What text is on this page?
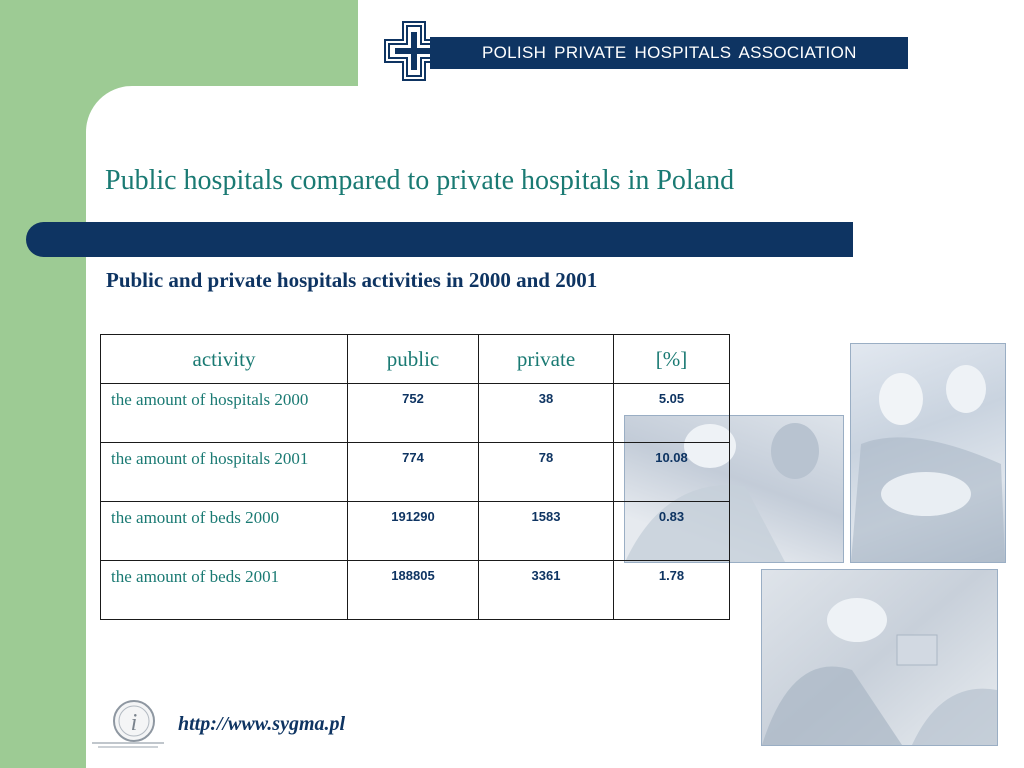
POLISH PRIVATE HOSPITALS ASSOCIATION
Public hospitals compared to private hospitals in Poland
Public and private hospitals activities in 2000 and 2001
activity	public	private	[%]
the amount of hospitals 2000	752	38	5.05
the amount of hospitals 2001	774	78	10.08
the amount of beds 2000	191290	1583	0.83
the amount of beds 2001	188805	3361	1.78
i http://www.sygma.pl
